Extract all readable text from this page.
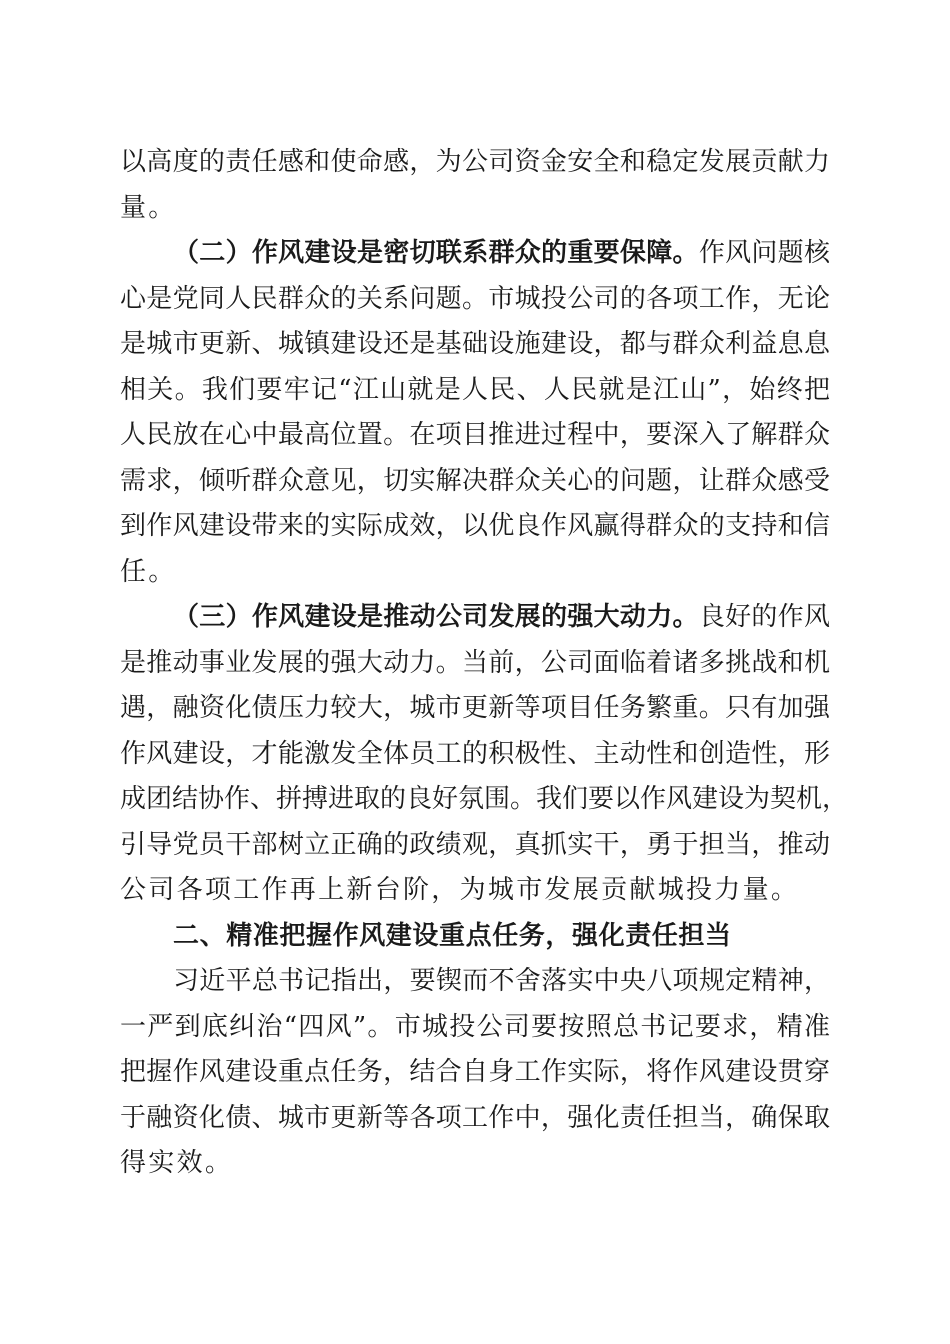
以高度的责任感和使命感，为公司资金安全和稳定发展贡献力
量。
（二）作风建设是密切联系群众的重要保障。作风问题核
心是党同人民群众的关系问题。市城投公司的各项工作，无论
是城市更新、城镇建设还是基础设施建设，都与群众利益息息
相关。我们要牢记“江山就是人民、人民就是江山”，始终把
人民放在心中最高位置。在项目推进过程中，要深入了解群众
需求，倾听群众意见，切实解决群众关心的问题，让群众感受
到作风建设带来的实际成效，以优良作风赢得群众的支持和信
任。
（三）作风建设是推动公司发展的强大动力。良好的作风
是推动事业发展的强大动力。当前，公司面临着诸多挑战和机
遇，融资化债压力较大，城市更新等项目任务繁重。只有加强
作风建设，才能激发全体员工的积极性、主动性和创造性，形
成团结协作、拼搏进取的良好氛围。我们要以作风建设为契机，
引导党员干部树立正确的政绩观，真抓实干，勇于担当，推动
公司各项工作再上新台阶，为城市发展贡献城投力量。
二、精准把握作风建设重点任务，强化责任担当
习近平总书记指出，要锲而不舍落实中央八项规定精神，
一严到底纠治“四风”。市城投公司要按照总书记要求，精准
把握作风建设重点任务，结合自身工作实际，将作风建设贯穿
于融资化债、城市更新等各项工作中，强化责任担当，确保取
得实效。
